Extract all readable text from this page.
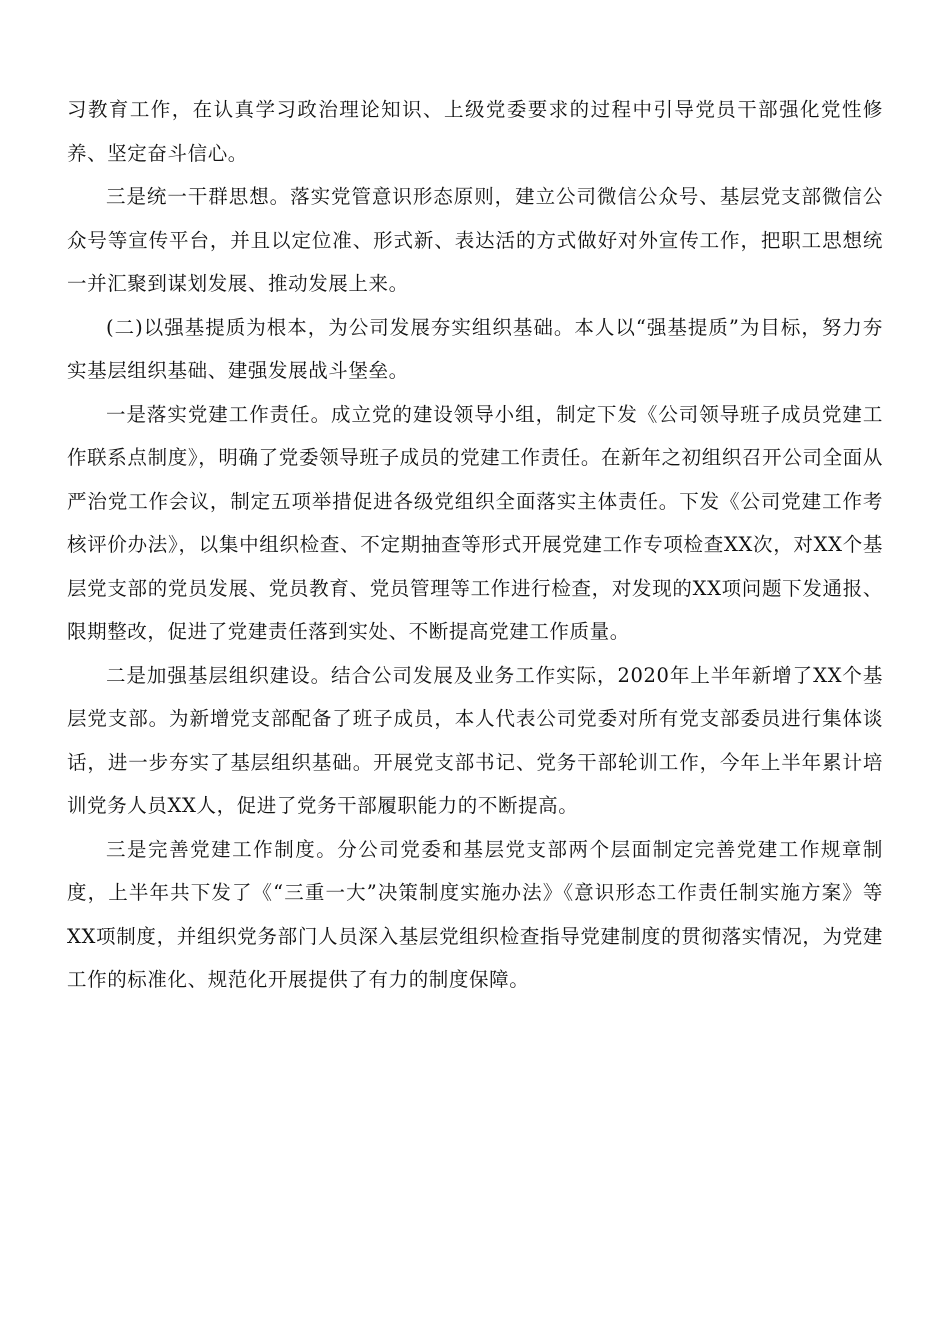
习教育工作，在认真学习政治理论知识、上级党委要求的过程中引导党员干部强化党性修养、坚定奋斗信心。

三是统一干群思想。落实党管意识形态原则，建立公司微信公众号、基层党支部微信公众号等宣传平台，并且以定位准、形式新、表达活的方式做好对外宣传工作，把职工思想统一并汇聚到谋划发展、推动发展上来。

(二)以强基提质为根本，为公司发展夯实组织基础。本人以“强基提质”为目标，努力夯实基层组织基础、建强发展战斗堡垒。

一是落实党建工作责任。成立党的建设领导小组，制定下发《公司领导班子成员党建工作联系点制度》，明确了党委领导班子成员的党建工作责任。在新年之初组织召开公司全面从严治党工作会议，制定五项举措促进各级党组织全面落实主体责任。下发《公司党建工作考核评价办法》，以集中组织检查、不定期抽查等形式开展党建工作专项检查XX次，对XX个基层党支部的党员发展、党员教育、党员管理等工作进行检查，对发现的XX项问题下发通报、限期整改，促进了党建责任落到实处、不断提高党建工作质量。

二是加强基层组织建设。结合公司发展及业务工作实际，2020年上半年新增了XX个基层党支部。为新增党支部配备了班子成员，本人代表公司党委对所有党支部委员进行集体谈话，进一步夯实了基层组织基础。开展党支部书记、党务干部轮训工作，今年上半年累计培训党务人员XX人，促进了党务干部履职能力的不断提高。

三是完善党建工作制度。分公司党委和基层党支部两个层面制定完善党建工作规章制度，上半年共下发了《“三重一大”决策制度实施办法》《意识形态工作责任制实施方案》等XX项制度，并组织党务部门人员深入基层党组织检查指导党建制度的贯彻落实情况，为党建工作的标准化、规范化开展提供了有力的制度保障。
